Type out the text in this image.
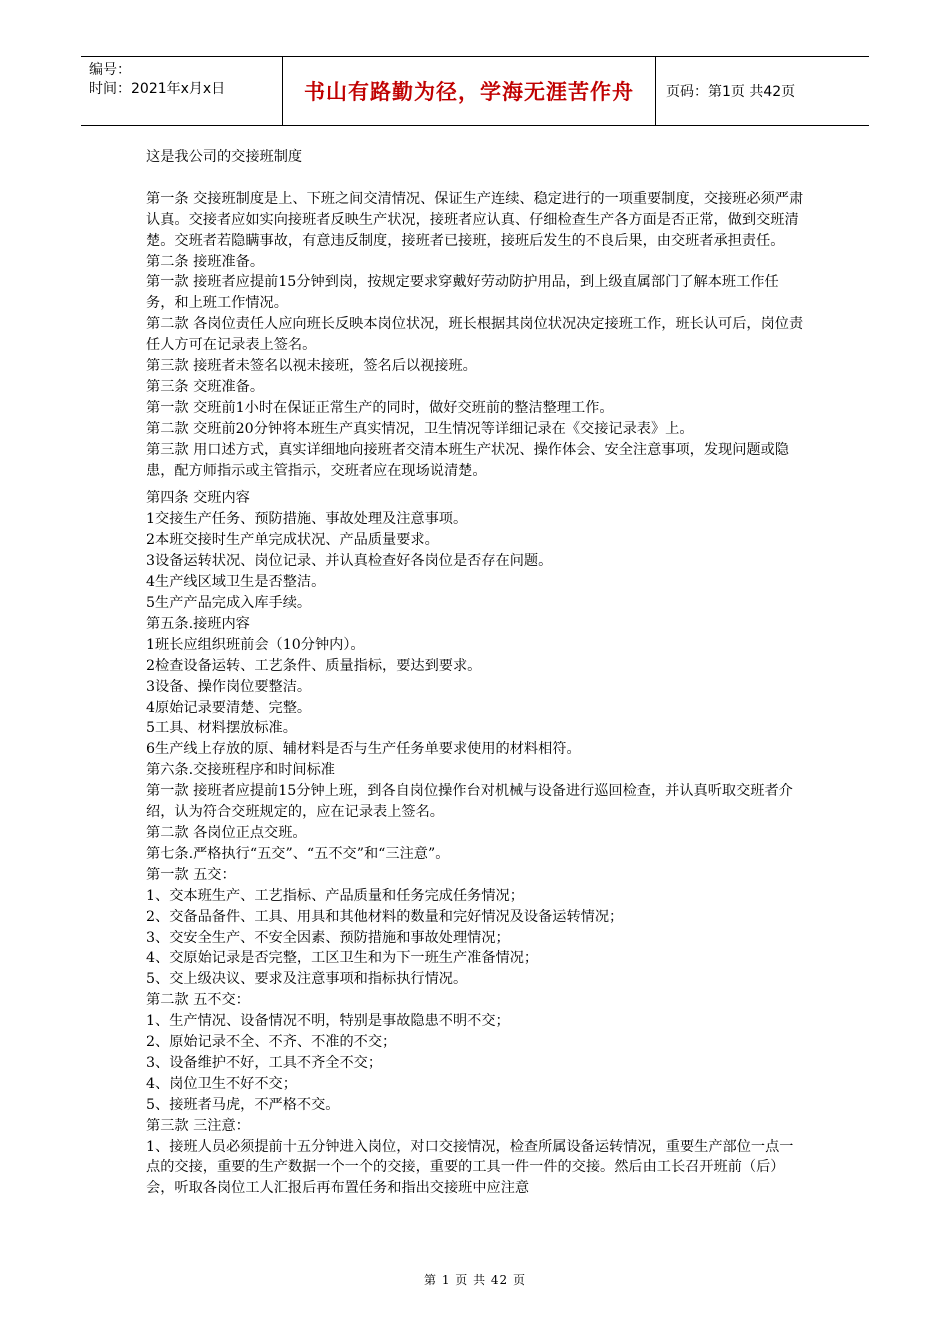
编号：
时间：2021年x月x日	书山有路勤为径，学海无涯苦作舟	页码：第1页 共42页

这是我公司的交接班制度

第一条 交接班制度是上、下班之间交清情况、保证生产连续、稳定进行的一项重要制度，交接班必须严肃认真。交接者应如实向接班者反映生产状况，接班者应认真、仔细检查生产各方面是否正常，做到交班清楚。交班者若隐瞒事故，有意违反制度，接班者已接班，接班后发生的不良后果，由交班者承担责任。

第二条 接班准备。

第一款 接班者应提前15分钟到岗，按规定要求穿戴好劳动防护用品，到上级直属部门了解本班工作任务，和上班工作情况。

第二款 各岗位责任人应向班长反映本岗位状况，班长根据其岗位状况决定接班工作，班长认可后，岗位责任人方可在记录表上签名。

第三款 接班者未签名以视未接班，签名后以视接班。

第三条 交班准备。

第一款 交班前1小时在保证正常生产的同时，做好交班前的整洁整理工作。

第二款 交班前20分钟将本班生产真实情况，卫生情况等详细记录在《交接记录表》上。

第三款 用口述方式，真实详细地向接班者交清本班生产状况、操作体会、安全注意事项，发现问题或隐患，配方师指示或主管指示，交班者应在现场说清楚。

第四条 交班内容

1交接生产任务、预防措施、事故处理及注意事项。

2本班交接时生产单完成状况、产品质量要求。

3设备运转状况、岗位记录、并认真检查好各岗位是否存在问题。

4生产线区域卫生是否整洁。

5生产产品完成入库手续。

第五条.接班内容

1班长应组织班前会（10分钟内）。

2检查设备运转、工艺条件、质量指标，要达到要求。

3设备、操作岗位要整洁。

4原始记录要清楚、完整。

5工具、材料摆放标准。

6生产线上存放的原、辅材料是否与生产任务单要求使用的材料相符。

第六条.交接班程序和时间标准

第一款 接班者应提前15分钟上班，到各自岗位操作台对机械与设备进行巡回检查，并认真听取交班者介绍，认为符合交班规定的，应在记录表上签名。

第二款 各岗位正点交班。

第七条.严格执行“五交”、“五不交”和“三注意”。

第一款 五交：

1、交本班生产、工艺指标、产品质量和任务完成任务情况；

2、交备品备件、工具、用具和其他材料的数量和完好情况及设备运转情况；

3、交安全生产、不安全因素、预防措施和事故处理情况；

4、交原始记录是否完整，工区卫生和为下一班生产准备情况；

5、交上级决议、要求及注意事项和指标执行情况。

第二款 五不交：

1、生产情况、设备情况不明，特别是事故隐患不明不交；

2、原始记录不全、不齐、不准的不交；

3、设备维护不好，工具不齐全不交；

4、岗位卫生不好不交；

5、接班者马虎，不严格不交。

第三款 三注意：

1、接班人员必须提前十五分钟进入岗位，对口交接情况，检查所属设备运转情况，重要生产部位一点一点的交接，重要的生产数据一个一个的交接，重要的工具一件一件的交接。然后由工长召开班前（后）会，听取各岗位工人汇报后再布置任务和指出交接班中应注意

第 1 页 共 42 页
